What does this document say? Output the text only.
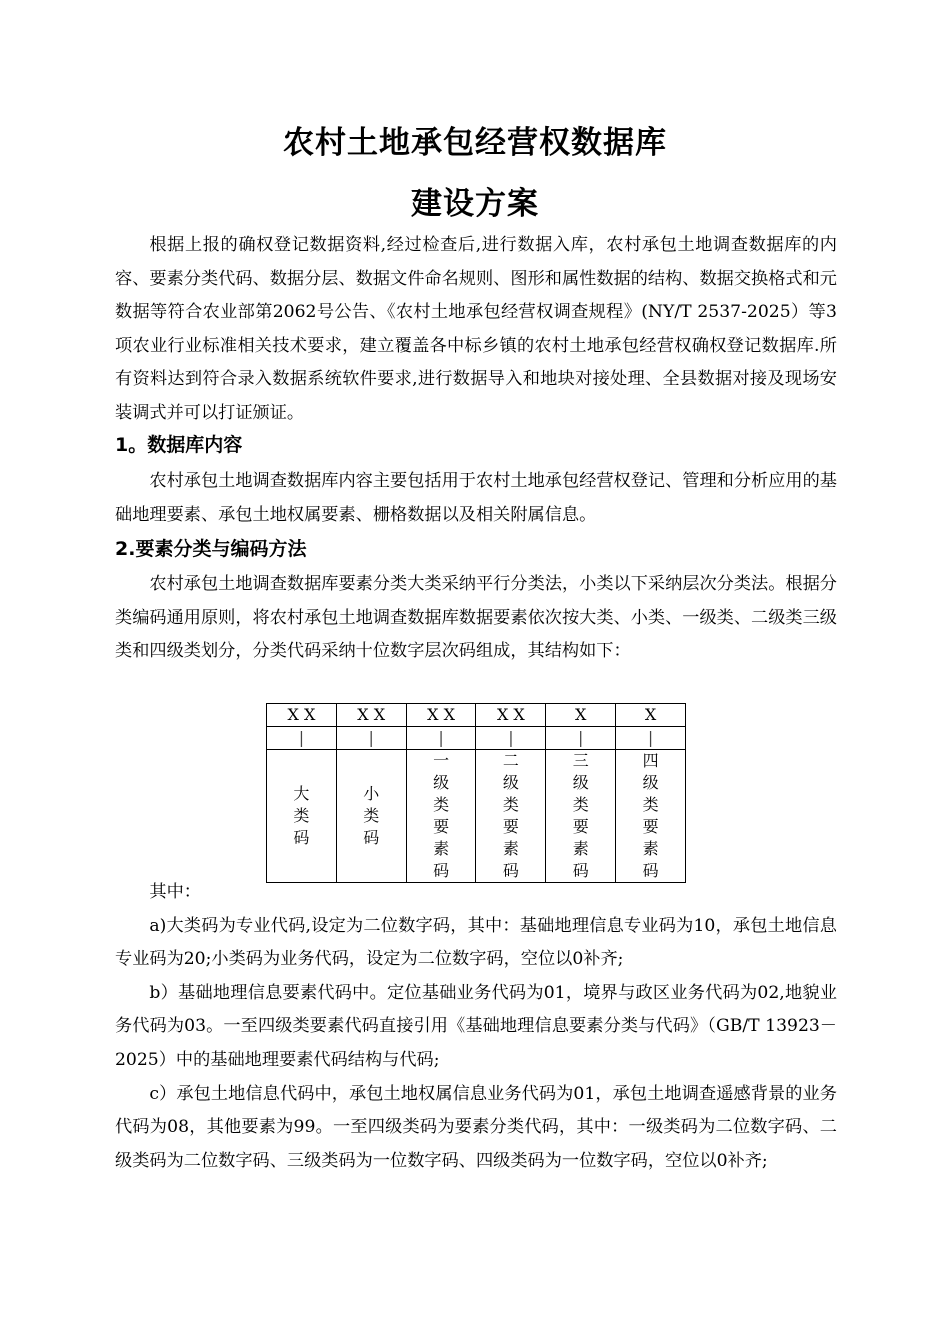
农村土地承包经营权数据库
建设方案

根据上报的确权登记数据资料,经过检查后,进行数据入库，农村承包土地调查数据库的内容、要素分类代码、数据分层、数据文件命名规则、图形和属性数据的结构、数据交换格式和元数据等符合农业部第2062号公告、《农村土地承包经营权调查规程》(NY/T 2537-2025）等3项农业行业标准相关技术要求，建立覆盖各中标乡镇的农村土地承包经营权确权登记数据库.所有资料达到符合录入数据系统软件要求,进行数据导入和地块对接处理、全县数据对接及现场安装调式并可以打证颁证。

1。数据库内容

农村承包土地调查数据库内容主要包括用于农村土地承包经营权登记、管理和分析应用的基础地理要素、承包土地权属要素、栅格数据以及相关附属信息。

2.要素分类与编码方法

农村承包土地调查数据库要素分类大类采纳平行分类法，小类以下采纳层次分类法。根据分类编码通用原则，将农村承包土地调查数据库数据要素依次按大类、小类、一级类、二级类三级类和四级类划分，分类代码采纳十位数字层次码组成，其结构如下：

X X	X X	X X	X X	X	X
|	|	|	|	|	|
大类码	小类码	一级类要素码	二级类要素码	三级类要素码	四级类要素码

其中：

a)大类码为专业代码,设定为二位数字码，其中：基础地理信息专业码为10，承包土地信息专业码为20;小类码为业务代码，设定为二位数字码，空位以0补齐;

b）基础地理信息要素代码中。定位基础业务代码为01，境界与政区业务代码为02,地貌业务代码为03。一至四级类要素代码直接引用《基础地理信息要素分类与代码》（GB/T 13923－2025）中的基础地理要素代码结构与代码;

c）承包土地信息代码中，承包土地权属信息业务代码为01，承包土地调查遥感背景的业务代码为08，其他要素为99。一至四级类码为要素分类代码，其中：一级类码为二位数字码、二级类码为二位数字码、三级类码为一位数字码、四级类码为一位数字码，空位以0补齐;
